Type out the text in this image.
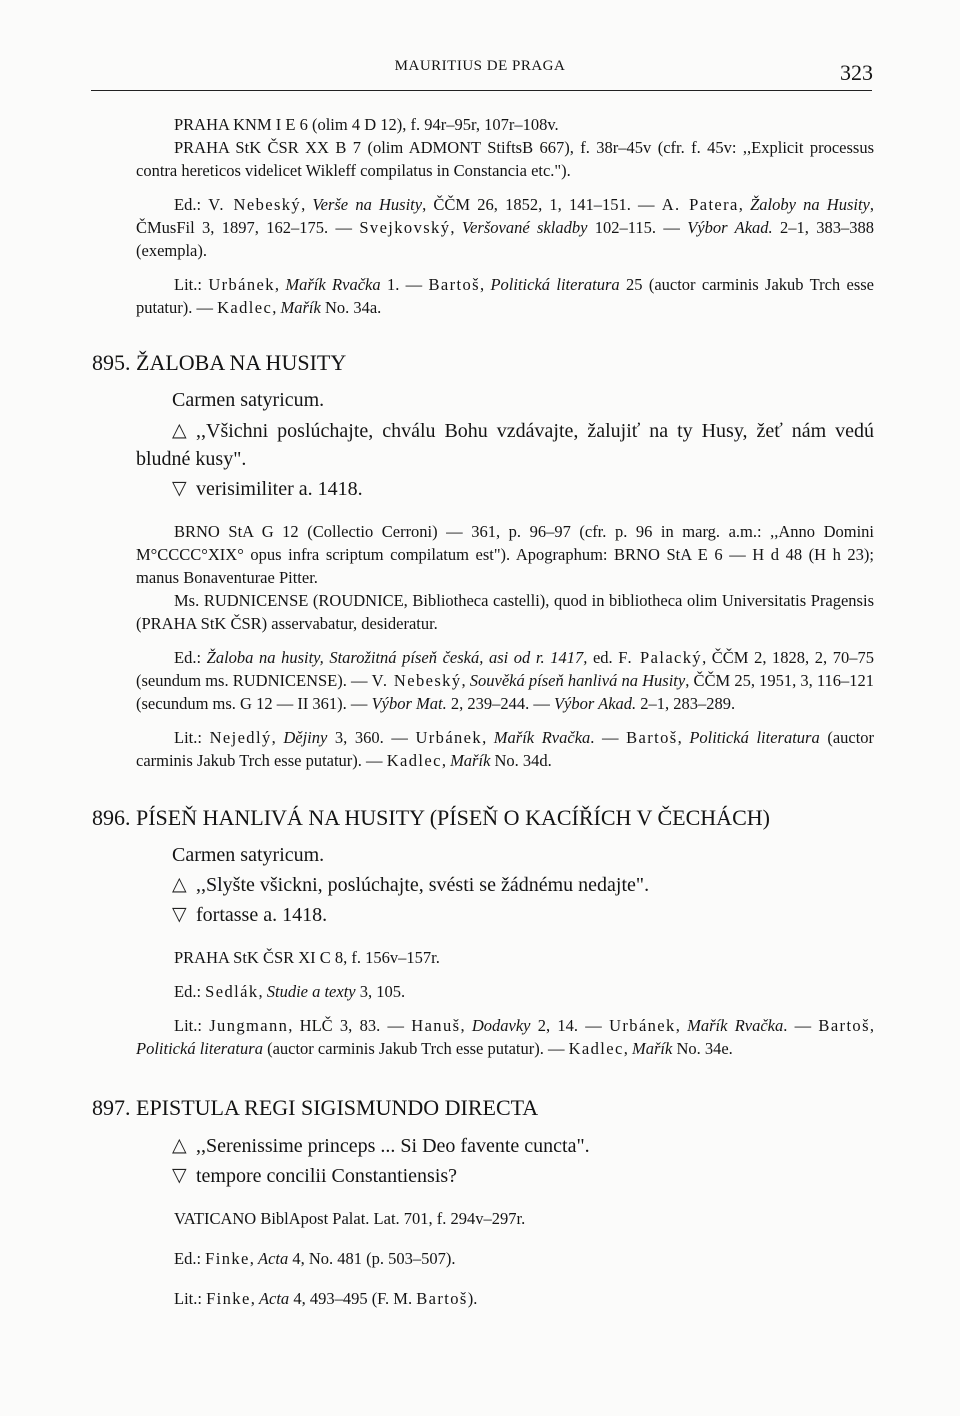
MAURITIUS DE PRAGA	323

PRAHA KNM I E 6 (olim 4 D 12), f. 94r–95r, 107r–108v.

PRAHA StK ČSR XX B 7 (olim ADMONT StiftsB 667), f. 38r–45v (cfr. f. 45v: ,,Explicit processus contra hereticos videlicet Wikleff compilatus in Constancia etc.").

Ed.: V. Nebeský, Verše na Husity, ČČM 26, 1852, 1, 141–151. — A. Patera, Žaloby na Husity, ČMusFil 3, 1897, 162–175. — Svejkovský, Veršované skladby 102–115. — Výbor Akad. 2–1, 383–388 (exempla).

Lit.: Urbánek, Mařík Rvačka 1. — Bartoš, Politická literatura 25 (auctor carminis Jakub Trch esse putatur). — Kadlec, Mařík No. 34a.

895. ŽALOBA NA HUSITY
Carmen satyricum.
△ ,,Všichni poslúchajte, chválu Bohu vzdávajte, žalujiť na ty Husy, žeť nám vedú bludné kusy".
▽ verisimiliter a. 1418.

BRNO StA G 12 (Collectio Cerroni) — 361, p. 96–97 (cfr. p. 96 in marg. a.m.: ,,Anno Domini M°CCCC°XIX° opus infra scriptum compilatum est"). Apographum: BRNO StA E 6 — H d 48 (H h 23); manus Bonaventurae Pitter.

Ms. RUDNICENSE (ROUDNICE, Bibliotheca castelli), quod in bibliotheca olim Universitatis Pragensis (PRAHA StK ČSR) asservabatur, desideratur.

Ed.: Žaloba na husity, Starožitná píseň česká, asi od r. 1417, ed. F. Palacký, ČČM 2, 1828, 2, 70–75 (seundum ms. RUDNICENSE). — V. Nebeský, Souvěká píseň hanlivá na Husity, ČČM 25, 1951, 3, 116–121 (secundum ms. G 12 — II 361). — Výbor Mat. 2, 239–244. — Výbor Akad. 2–1, 283–289.

Lit.: Nejedlý, Dějiny 3, 360. — Urbánek, Mařík Rvačka. — Bartoš, Politická literatura (auctor carminis Jakub Trch esse putatur). — Kadlec, Mařík No. 34d.

896. PÍSEŇ HANLIVÁ NA HUSITY (PÍSEŇ O KACÍŘÍCH V ČECHÁCH)
Carmen satyricum.
△ ,,Slyšte všickni, poslúchajte, svésti se žádnému nedajte".
▽ fortasse a. 1418.

PRAHA StK ČSR XI C 8, f. 156v–157r.

Ed.: Sedlák, Studie a texty 3, 105.

Lit.: Jungmann, HLČ 3, 83. — Hanuš, Dodavky 2, 14. — Urbánek, Mařík Rvačka. — Bartoš, Politická literatura (auctor carminis Jakub Trch esse putatur). — Kadlec, Mařík No. 34e.

897. EPISTULA REGI SIGISMUNDO DIRECTA
△ ,,Serenissime princeps ... Si Deo favente cuncta".
▽ tempore concilii Constantiensis?

VATICANO BiblApost Palat. Lat. 701, f. 294v–297r.

Ed.: Finke, Acta 4, No. 481 (p. 503–507).

Lit.: Finke, Acta 4, 493–495 (F. M. Bartoš).
